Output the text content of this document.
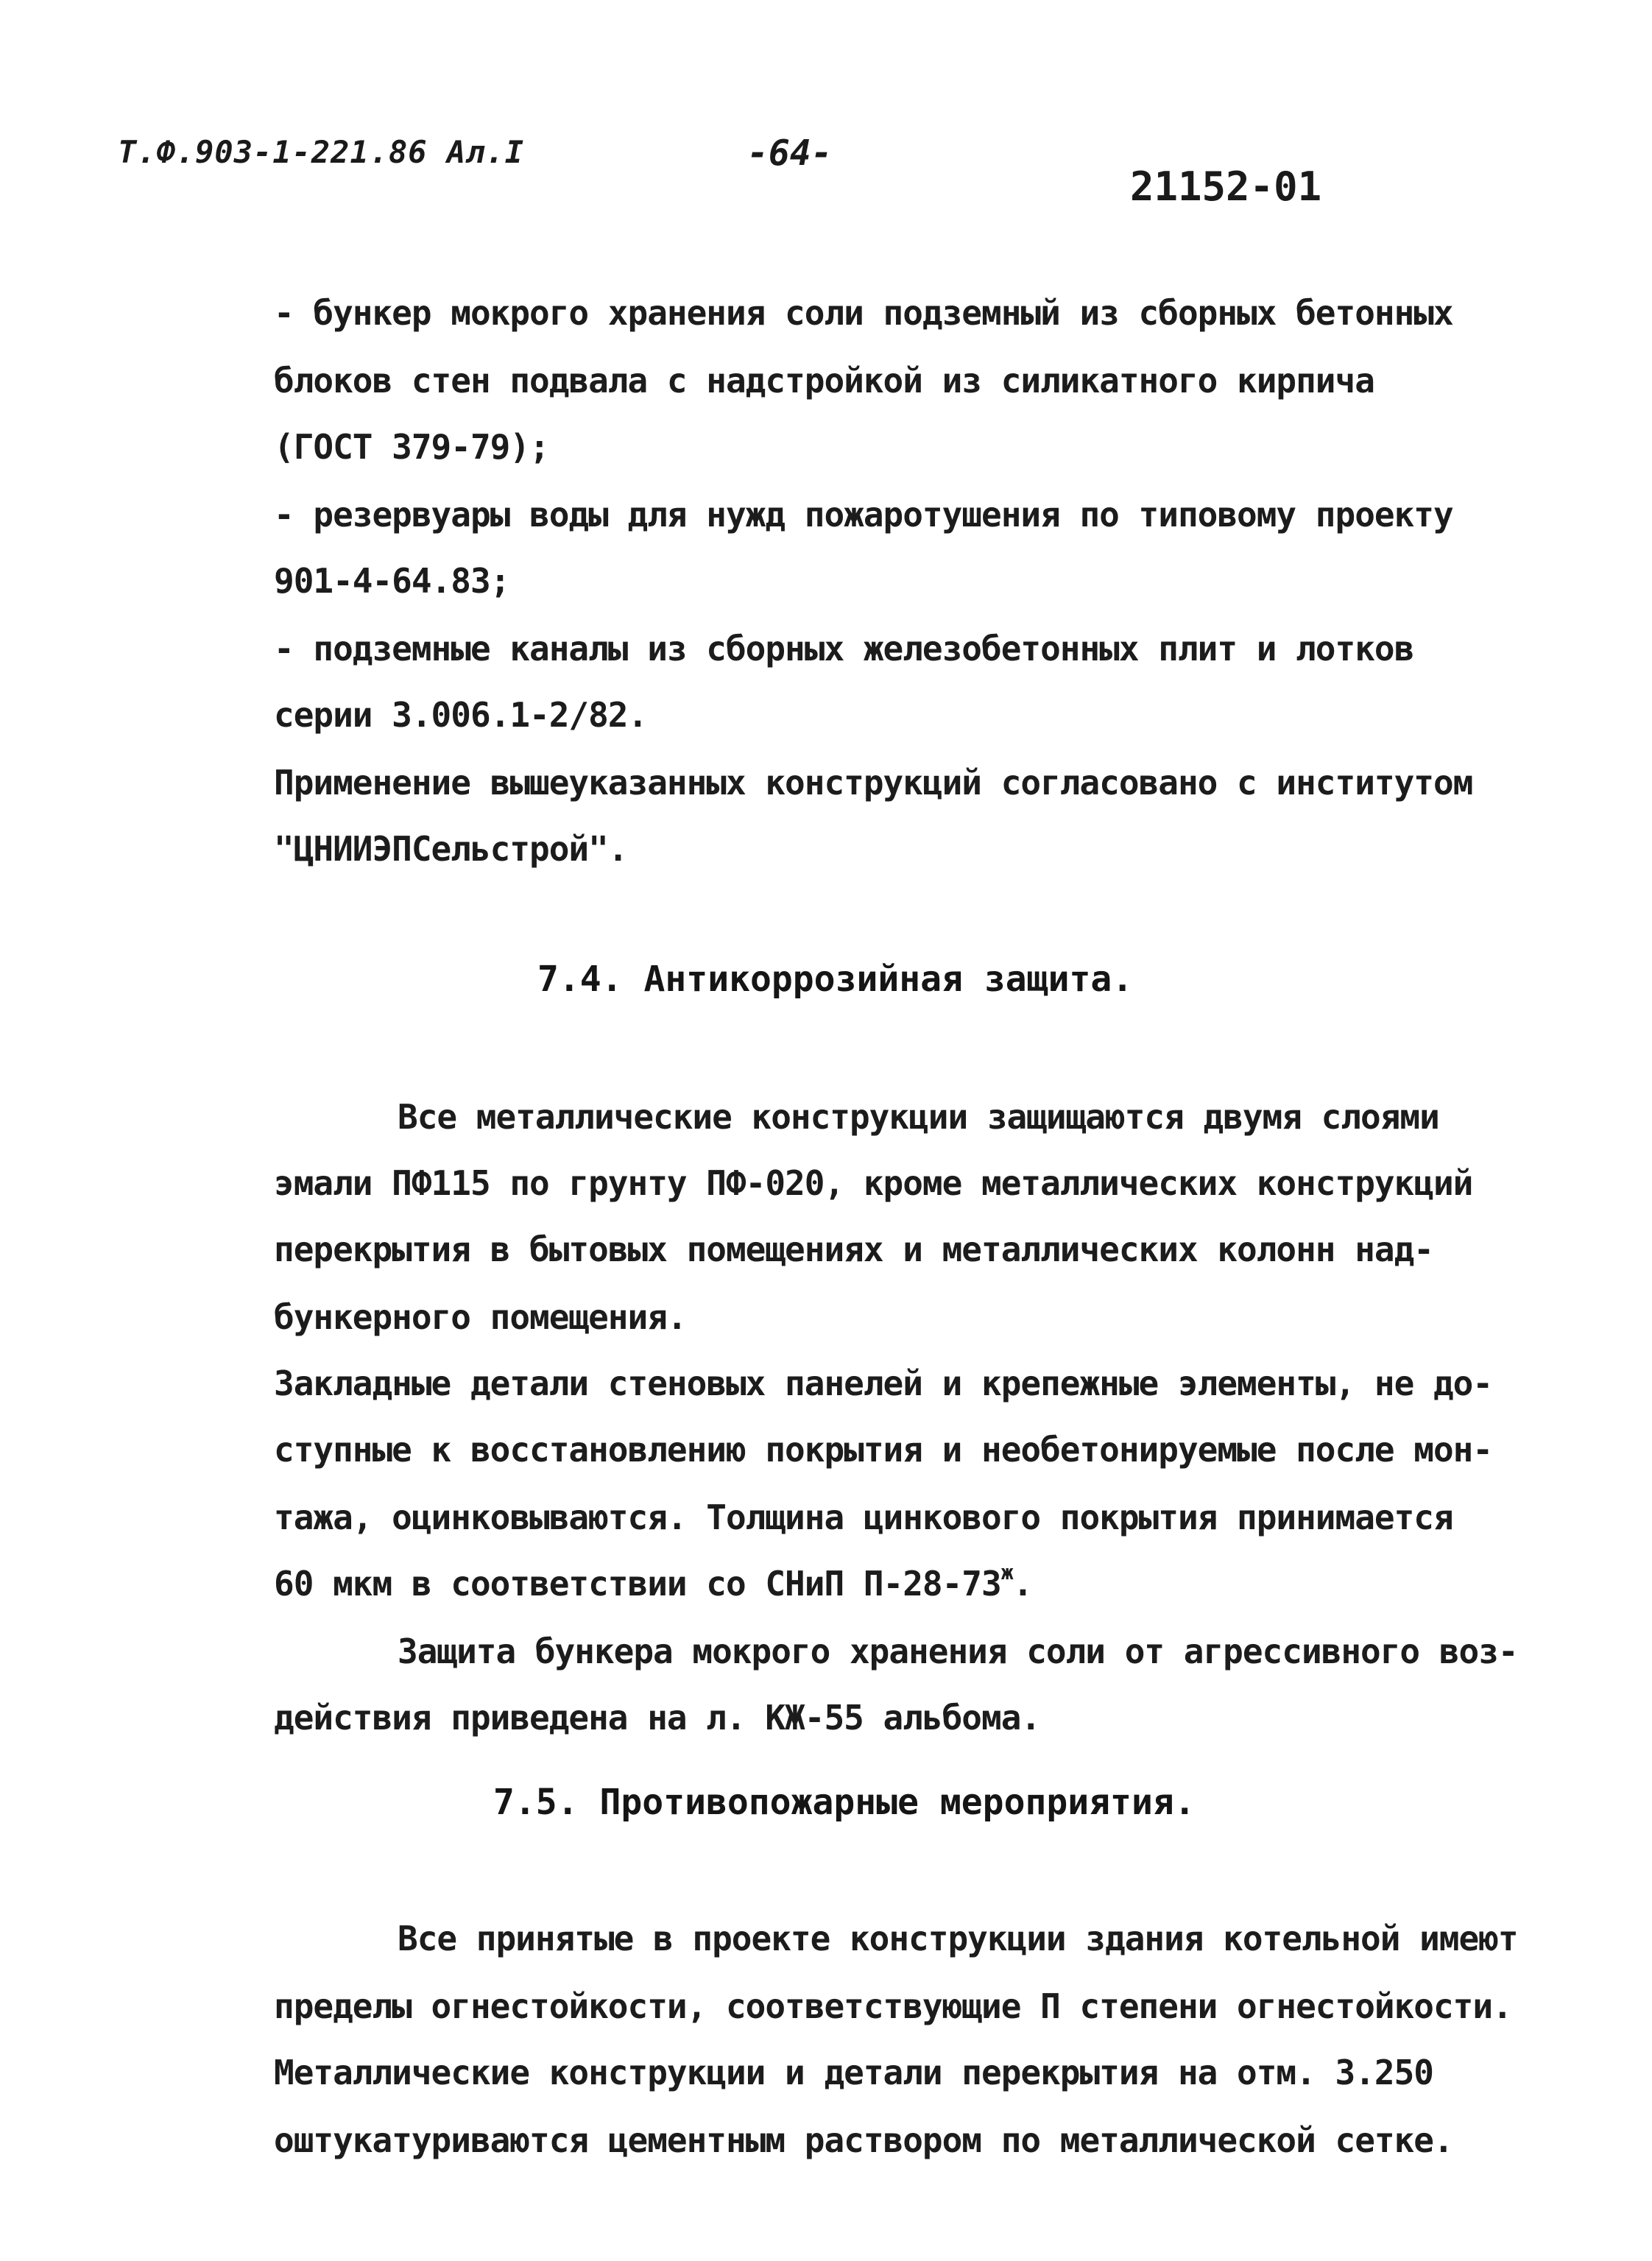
Т.Ф.903-1-221.86 Ал.I	-64-
21152-01
- бункер мокрого хранения соли подземный из сборных бетонных
блоков стен подвала с надстройкой из силикатного кирпича
(ГОСТ 379-79);
- резервуары воды для нужд пожаротушения по типовому проекту
901-4-64.83;
- подземные каналы из сборных железобетонных плит и лотков
серии 3.006.1-2/82.
Применение вышеуказанных конструкций согласовано с институтом
"ЦНИИЭПСельстрой".
7.4. Антикоррозийная защита.
Все металлические конструкции защищаются двумя слоями
эмали ПФ115 по грунту ПФ-020, кроме металлических конструкций
перекрытия в бытовых помещениях и металлических колонн над-
бункерного помещения.
Закладные детали стеновых панелей и крепежные элементы, не до-
ступные к восстановлению покрытия и необетонируемые после мон-
тажа, оцинковываются. Толщина цинкового покрытия принимается
60 мкм в соответствии со СНиП $П-28-73^ж$.
Защита бункера мокрого хранения соли от агрессивного воз-
действия приведена на л. КЖ-55 альбома.
7.5. Противопожарные мероприятия.
Все принятые в проекте конструкции здания котельной имеют
пределы огнестойкости, соответствующие П степени огнестойкости.
Металлические конструкции и детали перекрытия на отм. 3.250
оштукатуриваются цементным раствором по металлической сетке.
